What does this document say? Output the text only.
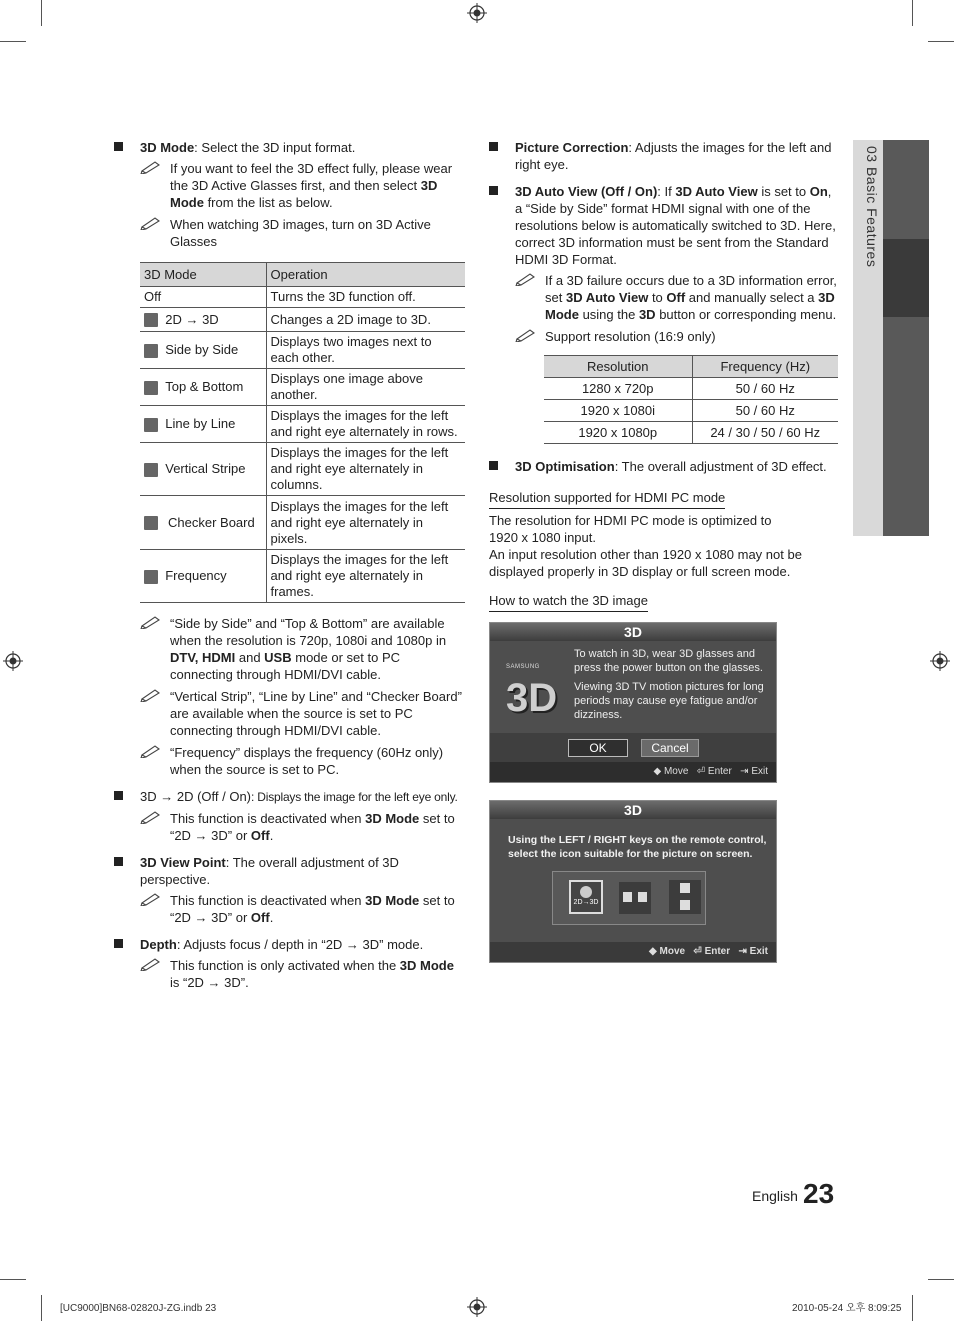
03 Basic Features
3D Mode: Select the 3D input format.
If you want to feel the 3D effect fully, please wear the 3D Active Glasses first, and then select 3D Mode from the list as below.
When watching 3D images, turn on 3D Active Glasses
3D Mode	Operation
Off	Turns the 3D function off.
2D → 3D	Changes a 2D image to 3D.
Side by Side	Displays two images next to each other.
Top & Bottom	Displays one image above another.
Line by Line	Displays the images for the left and right eye alternately in rows.
Vertical Stripe	Displays the images for the left and right eye alternately in columns.

Checker Board	Displays the images for the left and right eye alternately in pixels.
Frequency	Displays the images for the left and right eye alternately in frames.
“Side by Side” and “Top & Bottom” are available when the resolution is 720p, 1080i and 1080p in DTV, HDMI and USB mode or set to PC connecting through HDMI/DVI cable.
“Vertical Strip”, “Line by Line” and “Checker Board” are available when the source is set to PC connecting through HDMI/DVI cable.
“Frequency” displays the frequency (60Hz only) when the source is set to PC.
3D → 2D (Off / On): Displays the image for the left eye only.
This function is deactivated when 3D Mode set to “2D → 3D” or Off.
3D View Point: The overall adjustment of 3D perspective.
This function is deactivated when 3D Mode set to “2D → 3D” or Off.
Depth: Adjusts focus / depth in “2D → 3D” mode.
This function is only activated when the 3D Mode is “2D → 3D”.
Picture Correction: Adjusts the images for the left and right eye.
3D Auto View (Off / On): If 3D Auto View is set to On, a “Side by Side” format HDMI signal with one of the resolutions below is automatically switched to 3D. Here, correct 3D information must be sent from the Standard HDMI 3D Format.
If a 3D failure occurs due to a 3D information error, set 3D Auto View to Off and manually select a 3D Mode using the 3D button or corresponding menu.
Support resolution (16:9 only)
Resolution	Frequency (Hz)
1280 x 720p	50 / 60 Hz
1920 x 1080i	50 / 60 Hz
1920 x 1080p	24 / 30 / 50 / 60 Hz
3D Optimisation: The overall adjustment of 3D effect.
Resolution supported for HDMI PC mode
The resolution for HDMI PC mode is optimized to 1920 x 1080 input.
An input resolution other than 1920 x 1080 may not be displayed properly in 3D display or full screen mode.
How to watch the 3D image
3D
SAMSUNG
3D
To watch in 3D, wear 3D glasses and press the power button on the glasses.
Viewing 3D TV motion pictures for long periods may cause eye fatigue and/or dizziness.
OK	Cancel
◆ Move ⏎ Enter ⇥ Exit
3D
Using the LEFT / RIGHT keys on the remote control, select the icon suitable for the picture on screen.
2D→3D
◆ Move ⏎ Enter ⇥ Exit
English 23
[UC9000]BN68-02820J-ZG.indb 23	2010-05-24 오후 8:09:25
